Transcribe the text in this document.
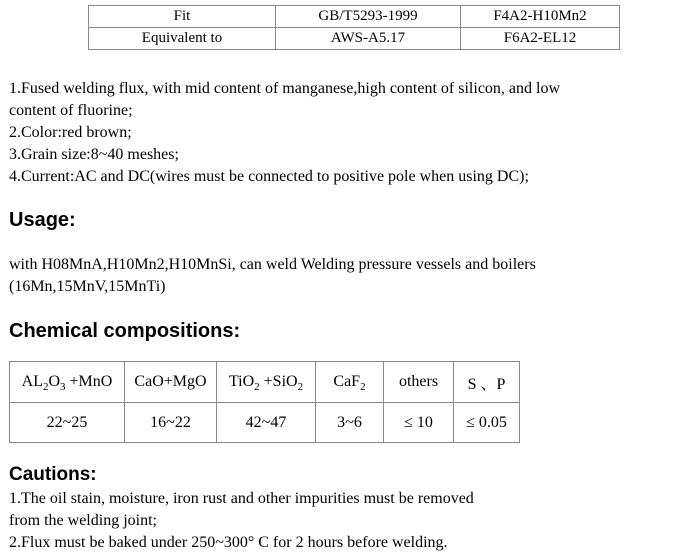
Fit	GB/T5293-1999	F4A2-H10Mn2
Equivalent to	AWS-A5.17	F6A2-EL12
1.Fused welding flux, with mid content of manganese,high content of silicon, and low
content of fluorine;
2.Color:red brown;
3.Grain size:8~40 meshes;
4.Current:AC and DC(wires must be connected to positive pole when using DC);
Usage:
with H08MnA,H10Mn2,H10MnSi, can weld Welding pressure vessels and boilers
(16Mn,15MnV,15MnTi)
Chemical compositions:
$AL_2O_3 +MnO$	CaO+MgO	TiO$_2$ +SiO$_2$	CaF$_2$	others	S 、P
22~25	16~22	42~47	3~6	≤ 10	≤ 0.05
Cautions:
1.The oil stain, moisture, iron rust and other impurities must be removed
from the welding joint;
2.Flux must be baked under 250~300° C for 2 hours before welding.
